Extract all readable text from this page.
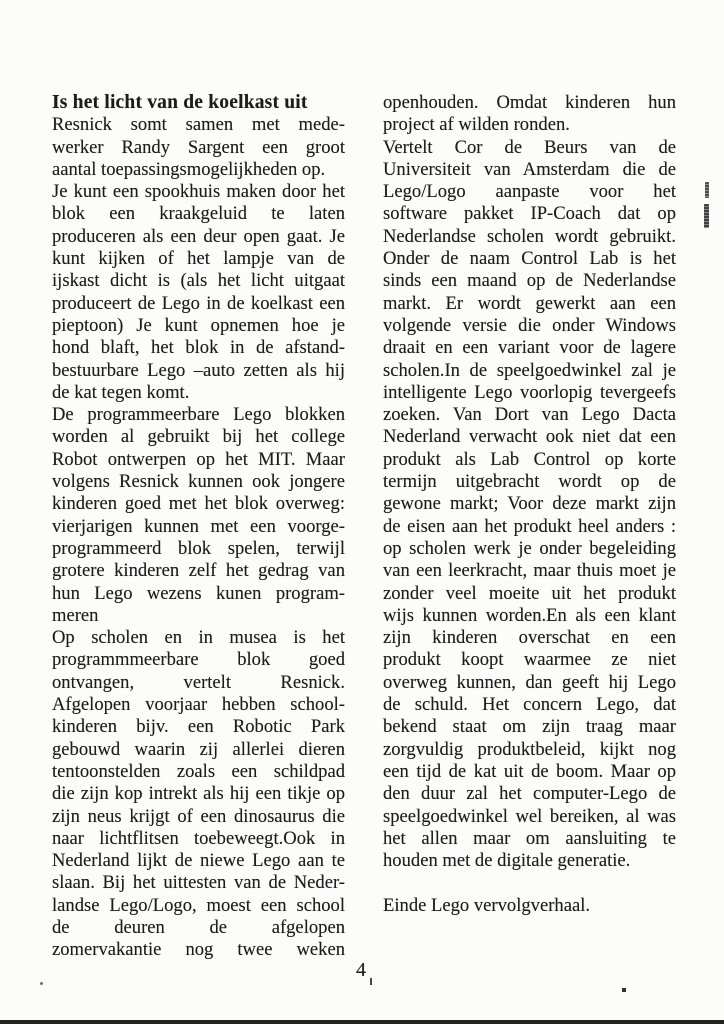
Is het licht van de koelkast uit
Resnick somt samen met mede-
werker Randy Sargent een groot
aantal toepassingsmogelijkheden op.
Je kunt een spookhuis maken door het
blok een kraakgeluid te laten
produceren als een deur open gaat. Je
kunt kijken of het lampje van de
ijskast dicht is (als het licht uitgaat
produceert de Lego in de koelkast een
pieptoon) Je kunt opnemen hoe je
hond blaft, het blok in de afstand-
bestuurbare Lego –auto zetten als hij
de kat tegen komt.
De programmeerbare Lego blokken
worden al gebruikt bij het college
Robot ontwerpen op het MIT. Maar
volgens Resnick kunnen ook jongere
kinderen goed met het blok overweg:
vierjarigen kunnen met een voorge-
programmeerd blok spelen, terwijl
grotere kinderen zelf het gedrag van
hun Lego wezens kunen program-
meren
Op scholen en in musea is het
programmmeerbare blok goed
ontvangen, vertelt Resnick.
Afgelopen voorjaar hebben school-
kinderen bijv. een Robotic Park
gebouwd waarin zij allerlei dieren
tentoonstelden zoals een schildpad
die zijn kop intrekt als hij een tikje op
zijn neus krijgt of een dinosaurus die
naar lichtflitsen toebeweegt.Ook in
Nederland lijkt de niewe Lego aan te
slaan. Bij het uittesten van de Neder-
landse Lego/Logo, moest een school
de deuren de afgelopen
zomervakantie nog twee weken
openhouden. Omdat kinderen hun
project af wilden ronden.
Vertelt Cor de Beurs van de
Universiteit van Amsterdam die de
Lego/Logo aanpaste voor het
software pakket IP-Coach dat op
Nederlandse scholen wordt gebruikt.
Onder de naam Control Lab is het
sinds een maand op de Nederlandse
markt. Er wordt gewerkt aan een
volgende versie die onder Windows
draait en een variant voor de lagere
scholen.In de speelgoedwinkel zal je
intelligente Lego voorlopig tevergeefs
zoeken. Van Dort van Lego Dacta
Nederland verwacht ook niet dat een
produkt als Lab Control op korte
termijn uitgebracht wordt op de
gewone markt; Voor deze markt zijn
de eisen aan het produkt heel anders :
op scholen werk je onder begeleiding
van een leerkracht, maar thuis moet je
zonder veel moeite uit het produkt
wijs kunnen worden.En als een klant
zijn kinderen overschat en een
produkt koopt waarmee ze niet
overweg kunnen, dan geeft hij Lego
de schuld. Het concern Lego, dat
bekend staat om zijn traag maar
zorgvuldig produktbeleid, kijkt nog
een tijd de kat uit de boom. Maar op
den duur zal het computer-Lego de
speelgoedwinkel wel bereiken, al was
het allen maar om aansluiting te
houden met de digitale generatie.
Einde Lego vervolgverhaal.
4
